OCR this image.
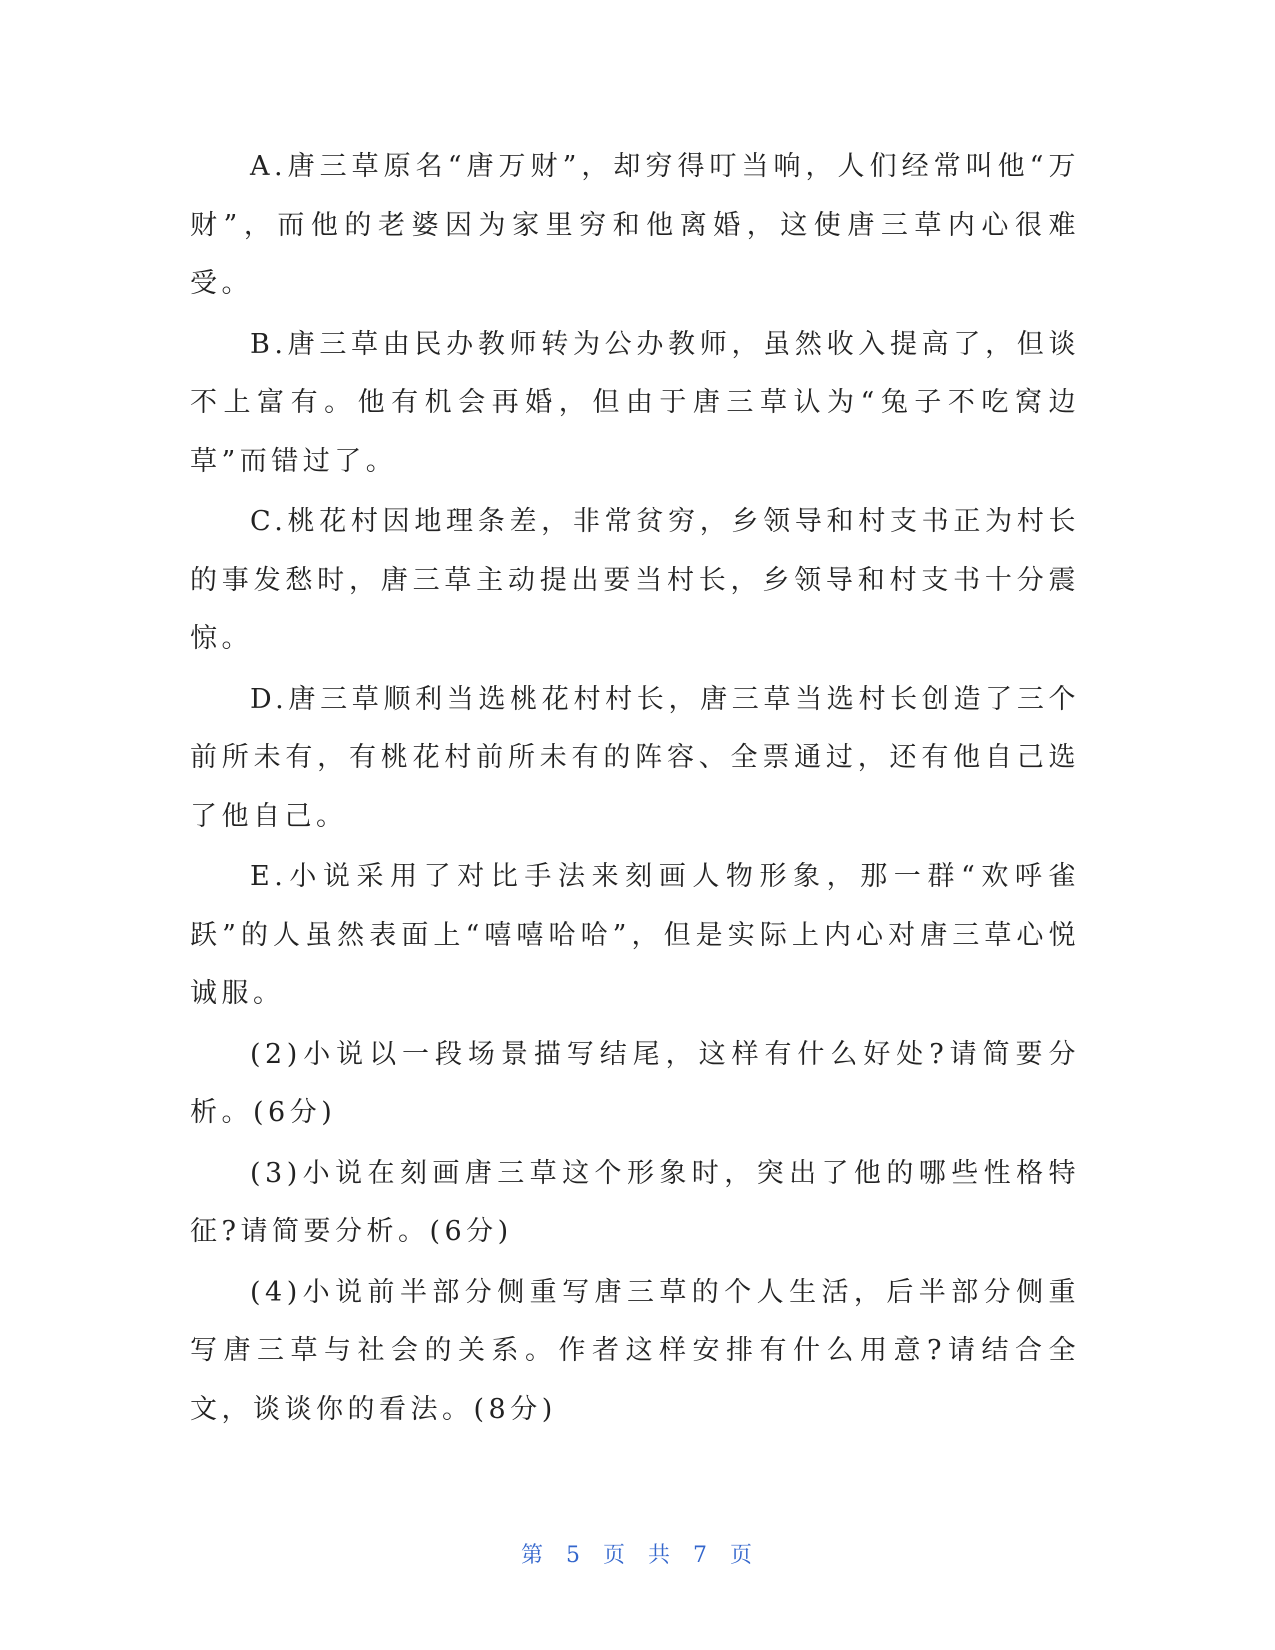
A.唐三草原名“唐万财”，却穷得叮当响，人们经常叫他“万财”，而他的老婆因为家里穷和他离婚，这使唐三草内心很难受。

B.唐三草由民办教师转为公办教师，虽然收入提高了，但谈不上富有。他有机会再婚，但由于唐三草认为“兔子不吃窝边草”而错过了。

C.桃花村因地理条差，非常贫穷，乡领导和村支书正为村长的事发愁时，唐三草主动提出要当村长，乡领导和村支书十分震惊。

D.唐三草顺利当选桃花村村长，唐三草当选村长创造了三个前所未有，有桃花村前所未有的阵容、全票通过，还有他自己选了他自己。

E.小说采用了对比手法来刻画人物形象，那一群“欢呼雀跃”的人虽然表面上“嘻嘻哈哈”，但是实际上内心对唐三草心悦诚服。

(2)小说以一段场景描写结尾，这样有什么好处?请简要分析。(6分)

(3)小说在刻画唐三草这个形象时，突出了他的哪些性格特征?请简要分析。(6分)

(4)小说前半部分侧重写唐三草的个人生活，后半部分侧重写唐三草与社会的关系。作者这样安排有什么用意?请结合全文，谈谈你的看法。(8分)

第 5 页 共 7 页
